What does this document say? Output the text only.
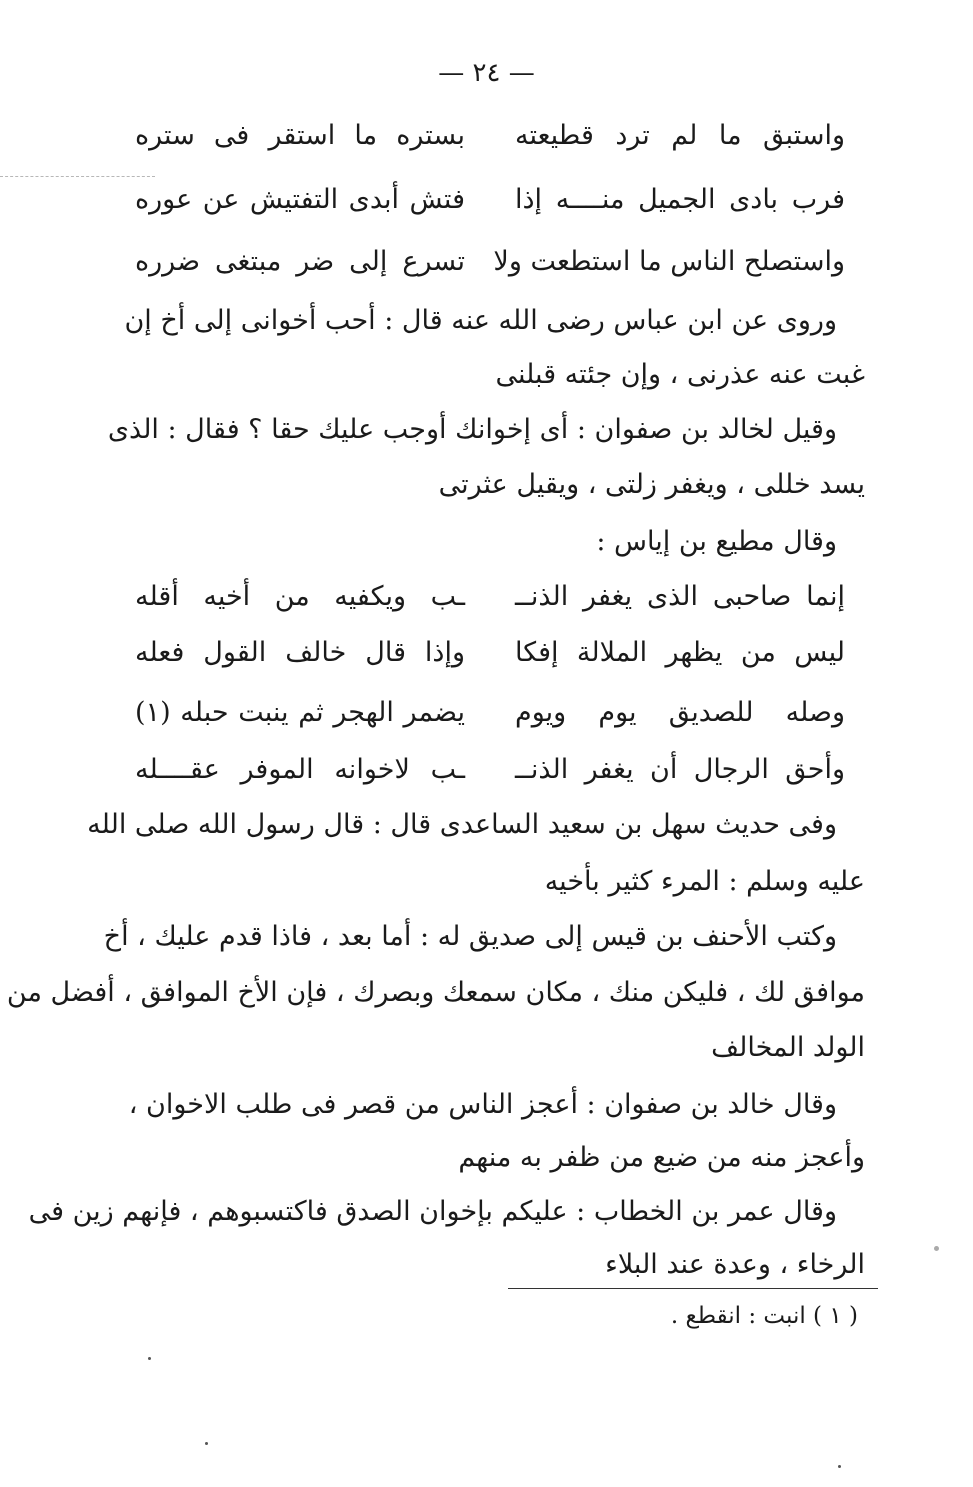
— ٢٤ —
واستبق ما لم ترد قطيعته
بستره ما استقر فى ستره
فرب بادى الجميل منــــه إذا
فتش أبدى التفتيش عن عوره
واستصلح الناس ما استطعت ولا
تسرع إلى ضر مبتغى ضرره
وروى عن ابن عباس رضى الله عنه قال : أحب أخوانى إلى أخ إن
غبت عنه عذرنى ، وإن جئته قبلنى
وقيل لخالد بن صفوان : أى إخوانك أوجب عليك حقا ؟ فقال : الذى
يسد خللى ، ويغفر زلتى ، ويقيل عثرتى
وقال مطيع بن إياس :
إنما صاحبى الذى يغفر الذنــ
ـب ويكفيه من أخيه أقله
ليس من يظهر الملالة إفكا
وإذا قال خالف القول فعله
وصله للصديق يوم ويوم
يضمر الهجر ثم ينبت حبله (١)
وأحق الرجال أن يغفر الذنــ
ـب لاخوانه الموفر عقــــله
وفى حديث سهل بن سعيد الساعدى قال : قال رسول الله صلى الله
عليه وسلم : المرء كثير بأخيه
وكتب الأحنف بن قيس إلى صديق له : أما بعد ، فاذا قدم عليك ، أخ
موافق لك ، فليكن منك ، مكان سمعك وبصرك ، فإن الأخ الموافق ، أفضل من
الولد المخالف
وقال خالد بن صفوان : أعجز الناس من قصر فى طلب الاخوان ،
وأعجز منه من ضيع من ظفر به منهم
وقال عمر بن الخطاب : عليكم بإخوان الصدق فاكتسبوهم ، فإنهم زين فى
الرخاء ، وعدة عند البلاء
( ١ ) انبت : انقطع .
